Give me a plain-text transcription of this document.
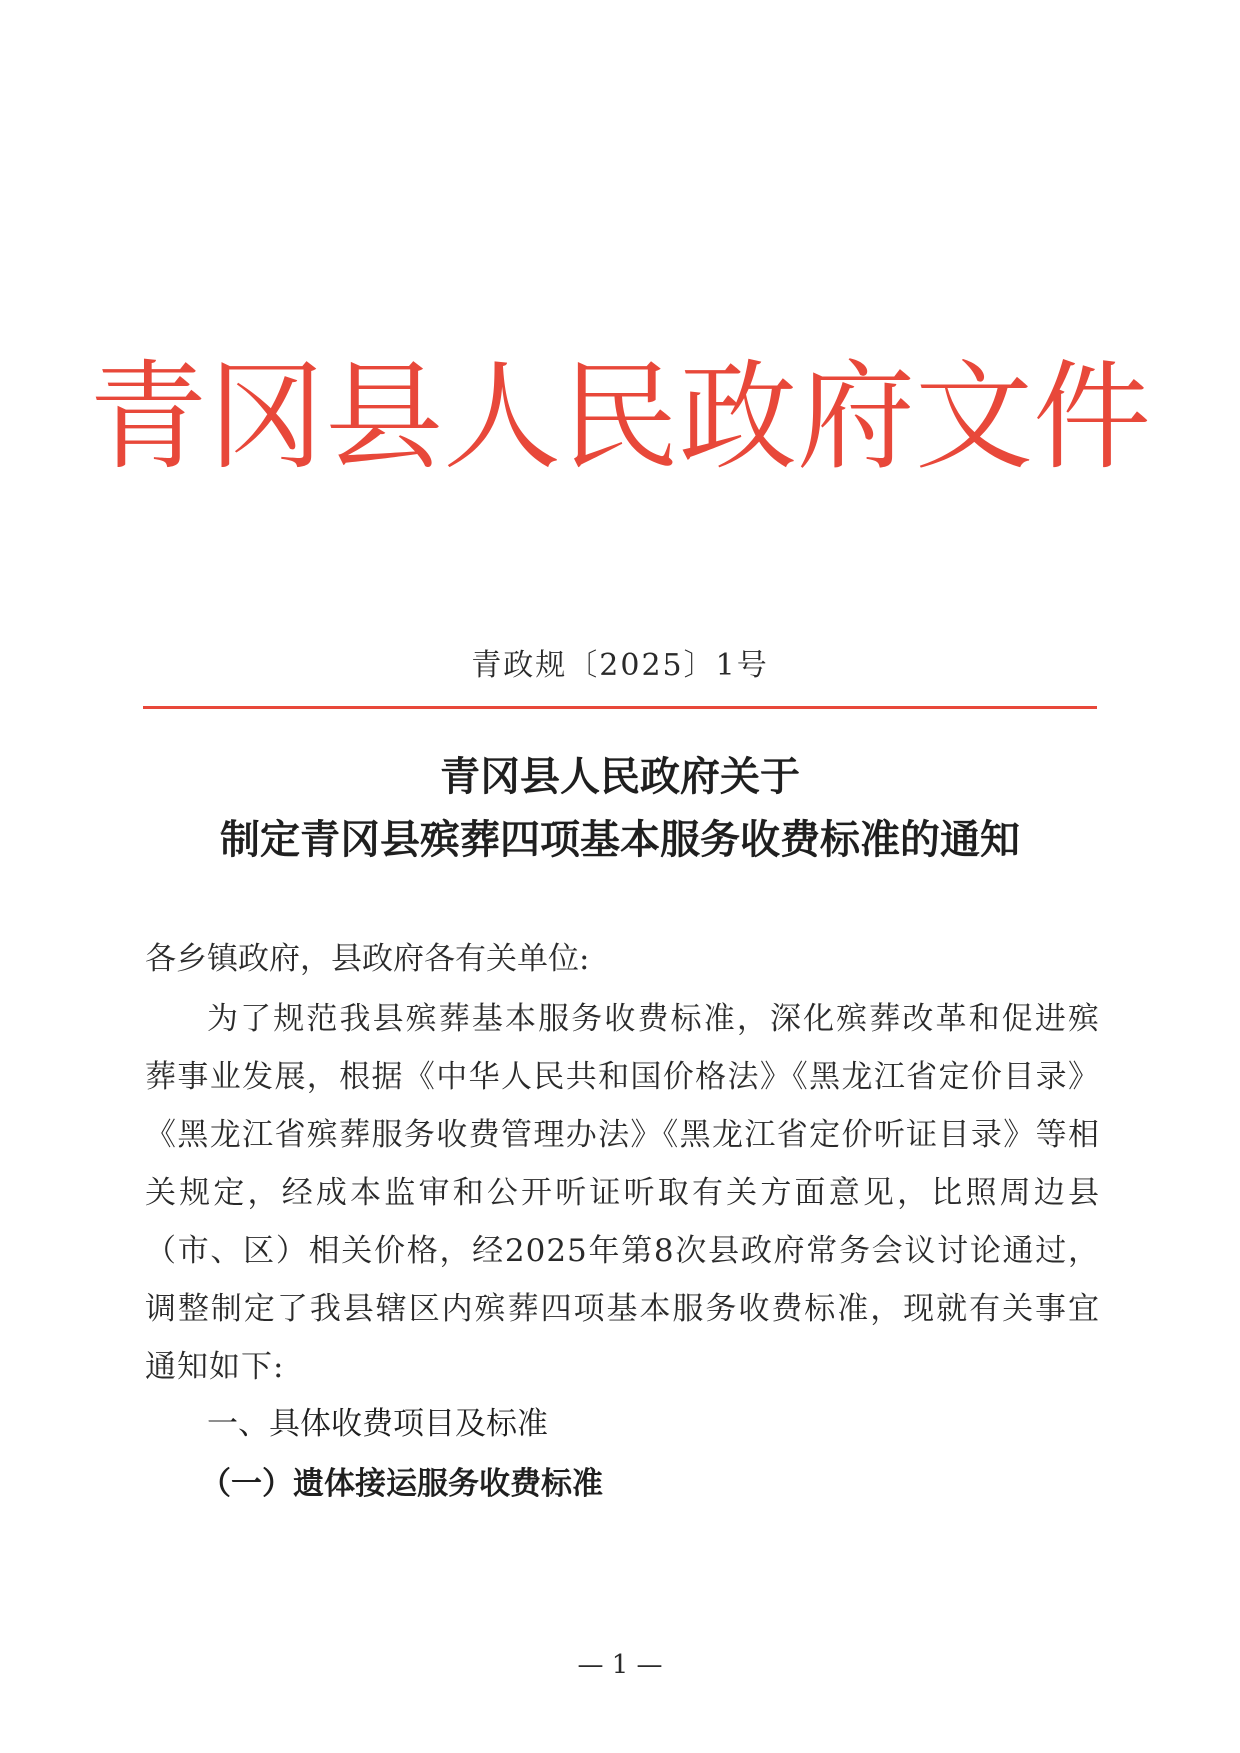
青冈县人民政府文件
青政规〔2025〕1号
青冈县人民政府关于
制定青冈县殡葬四项基本服务收费标准的通知
各乡镇政府，县政府各有关单位:
为了规范我县殡葬基本服务收费标准，深化殡葬改革和促进殡葬事业发展，根据《中华人民共和国价格法》《黑龙江省定价目录》《黑龙江省殡葬服务收费管理办法》《黑龙江省定价听证目录》等相关规定，经成本监审和公开听证听取有关方面意见，比照周边县（市、区）相关价格，经2025年第8次县政府常务会议讨论通过，调整制定了我县辖区内殡葬四项基本服务收费标准，现就有关事宜通知如下:
一、具体收费项目及标准
（一）遗体接运服务收费标准
— 1 —
